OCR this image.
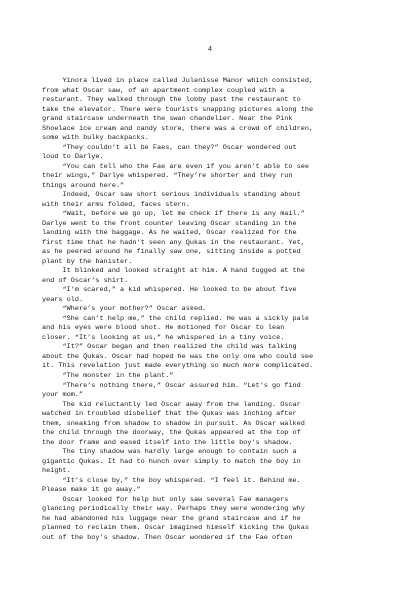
4
Yinora lived in place called Julenisse Manor which consisted,
from what Oscar saw, of an apartment complex coupled with a
resturant. They walked through the lobby past the restaurant to
take the elevator. There were tourists snapping pictures along the
grand staircase underneath the swan chandelier. Near the Pink
Shoelace ice cream and candy store, there was a crowd of children,
some with bulky backpacks.
“They couldn’t all be Faes, can they?” Oscar wondered out
loud to Darlye.
“You can tell who the Fae are even if you aren’t able to see
their wings,” Darlye whispered. “They’re shorter and they run
things around here.”
Indeed, Oscar saw short serious individuals standing about
with their arms folded, faces stern.
“Wait, before we go up, let me check if there is any mail.”
Darlye went to the front counter leaving Oscar standing in the
landing with the baggage. As he waited, Oscar realized for the
first time that he hadn’t seen any Qukas in the restaurant. Yet,
as he peered around he finally saw one, sitting inside a potted
plant by the banister.
It blinked and looked straight at him. A hand tugged at the
end of Oscar’s shirt.
“I’m scared,” a kid whispered. He looked to be about five
years old.
“Where’s your mother?” Oscar asked.
“She can’t help me,” the child replied. He was a sickly pale
and his eyes were blood shot. He motioned for Oscar to lean
closer. “It’s looking at us,” he whispered in a tiny voice.
“It?” Oscar began and then realized the child was talking
about the Qukas. Oscar had hoped he was the only one who could see
it. This revelation just made everything so much more complicated.
“The monster in the plant.”
“There’s nothing there,” Oscar assured him. “Let’s go find
your mom.”
The kid reluctantly led Oscar away from the landing. Oscar
watched in troubled disbelief that the Qukas was inching after
them, sneaking from shadow to shadow in pursuit. As Oscar walked
the child through the doorway, the Qukas appeared at the top of
the door frame and eased itself into the little boy’s shadow.
The tiny shadow was hardly large enough to contain such a
gigantic Qukas. It had to hunch over simply to match the boy in
height.
“It’s close by,” the boy whispered. “I feel it. Behind me.
Please make it go away.”
Oscar looked for help but only saw several Fae managers
glancing periodically their way. Perhaps they were wondering why
he had abandoned his luggage near the grand staircase and if he
planned to reclaim them. Oscar imagined himself kicking the Qukas
out of the boy’s shadow. Then Oscar wondered if the Fae often
